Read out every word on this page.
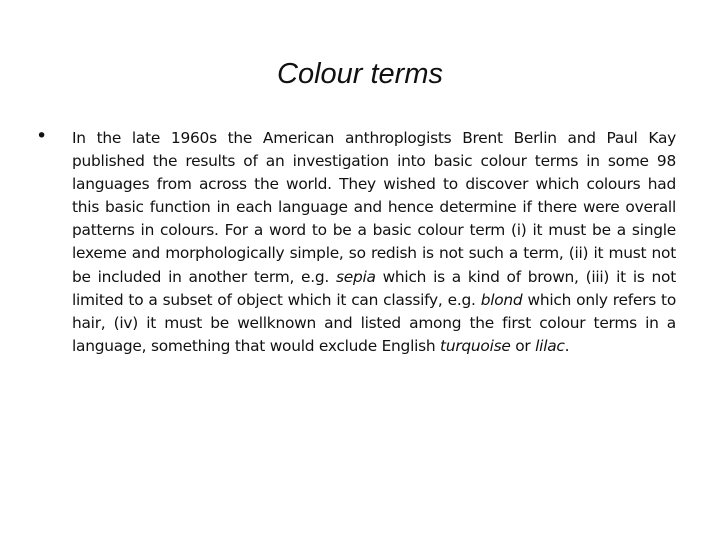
Colour terms
• In the late 1960s the American anthroplogists Brent Berlin and Paul Kay published the results of an investigation into basic colour terms in some 98 languages from across the world. They wished to discover which colours had this basic function in each language and hence determine if there were overall patterns in colours. For a word to be a basic colour term (i) it must be a single lexeme and morphologically simple, so redish is not such a term, (ii) it must not be included in another term, e.g. sepia which is a kind of brown, (iii) it is not limited to a subset of object which it can classify, e.g. blond which only refers to hair, (iv) it must be wellknown and listed among the first colour terms in a language, something that would exclude English turquoise or lilac.
